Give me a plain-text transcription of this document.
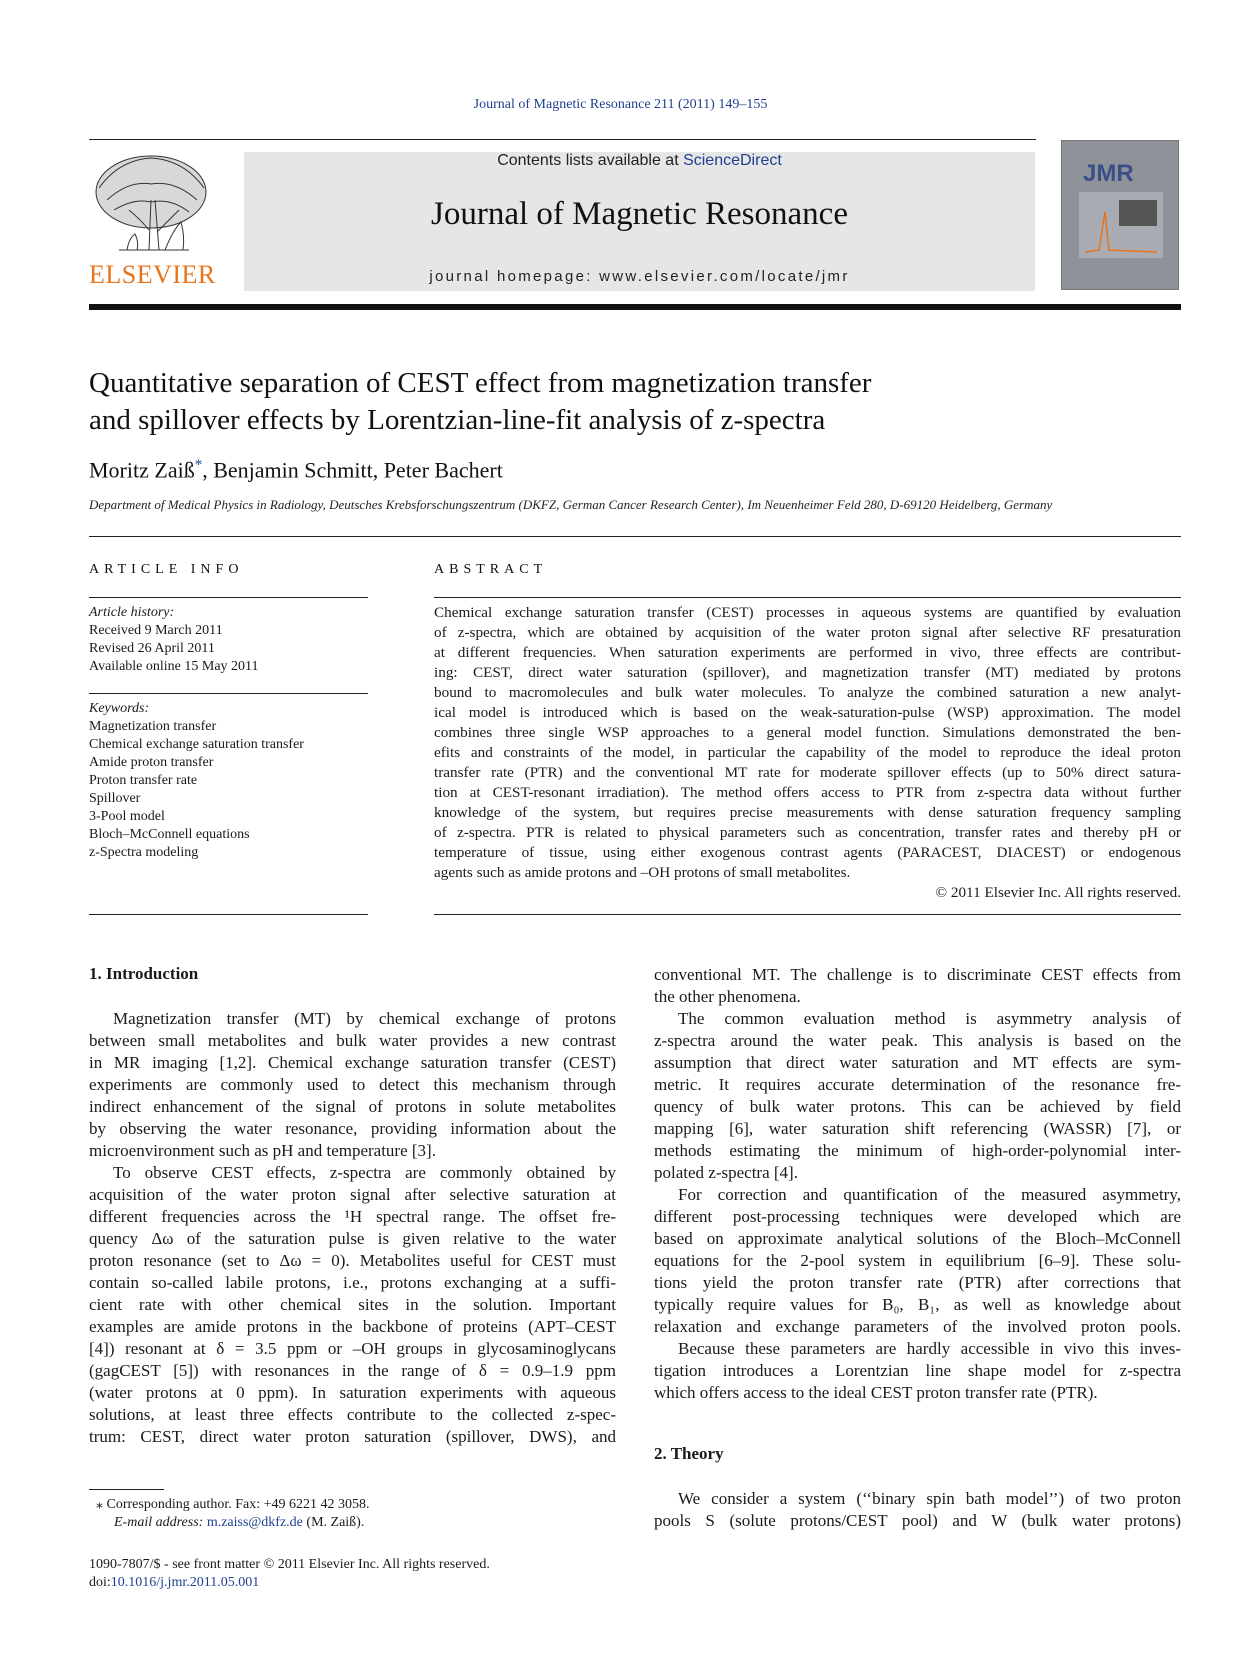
Journal of Magnetic Resonance 211 (2011) 149–155
ELSEVIER
Contents lists available at ScienceDirect
Journal of Magnetic Resonance
journal homepage: www.elsevier.com/locate/jmr
JMR
Quantitative separation of CEST effect from magnetization transfer
and spillover effects by Lorentzian-line-fit analysis of z-spectra
Moritz Zaiß*, Benjamin Schmitt, Peter Bachert
Department of Medical Physics in Radiology, Deutsches Krebsforschungszentrum (DKFZ, German Cancer Research Center), Im Neuenheimer Feld 280, D-69120 Heidelberg, Germany
ARTICLE INFO
Article history:
Received 9 March 2011
Revised 26 April 2011
Available online 15 May 2011
Keywords:
Magnetization transfer
Chemical exchange saturation transfer
Amide proton transfer
Proton transfer rate
Spillover
3-Pool model
Bloch–McConnell equations
z-Spectra modeling
ABSTRACT
Chemical exchange saturation transfer (CEST) processes in aqueous systems are quantified by evaluation
of z-spectra, which are obtained by acquisition of the water proton signal after selective RF presaturation
at different frequencies. When saturation experiments are performed in vivo, three effects are contribut-
ing: CEST, direct water saturation (spillover), and magnetization transfer (MT) mediated by protons
bound to macromolecules and bulk water molecules. To analyze the combined saturation a new analyt-
ical model is introduced which is based on the weak-saturation-pulse (WSP) approximation. The model
combines three single WSP approaches to a general model function. Simulations demonstrated the ben-
efits and constraints of the model, in particular the capability of the model to reproduce the ideal proton
transfer rate (PTR) and the conventional MT rate for moderate spillover effects (up to 50% direct satura-
tion at CEST-resonant irradiation). The method offers access to PTR from z-spectra data without further
knowledge of the system, but requires precise measurements with dense saturation frequency sampling
of z-spectra. PTR is related to physical parameters such as concentration, transfer rates and thereby pH or
temperature of tissue, using either exogenous contrast agents (PARACEST, DIACEST) or endogenous
agents such as amide protons and –OH protons of small metabolites.
© 2011 Elsevier Inc. All rights reserved.
1. Introduction
Magnetization transfer (MT) by chemical exchange of protons
between small metabolites and bulk water provides a new contrast
in MR imaging [1,2]. Chemical exchange saturation transfer (CEST)
experiments are commonly used to detect this mechanism through
indirect enhancement of the signal of protons in solute metabolites
by observing the water resonance, providing information about the
microenvironment such as pH and temperature [3].
To observe CEST effects, z-spectra are commonly obtained by
acquisition of the water proton signal after selective saturation at
different frequencies across the ¹H spectral range. The offset fre-
quency Δω of the saturation pulse is given relative to the water
proton resonance (set to Δω = 0). Metabolites useful for CEST must
contain so-called labile protons, i.e., protons exchanging at a suffi-
cient rate with other chemical sites in the solution. Important
examples are amide protons in the backbone of proteins (APT–CEST
[4]) resonant at δ = 3.5 ppm or –OH groups in glycosaminoglycans
(gagCEST [5]) with resonances in the range of δ = 0.9–1.9 ppm
(water protons at 0 ppm). In saturation experiments with aqueous
solutions, at least three effects contribute to the collected z-spec-
trum: CEST, direct water proton saturation (spillover, DWS), and
⁎ Corresponding author. Fax: +49 6221 42 3058.
E-mail address: m.zaiss@dkfz.de (M. Zaiß).
1090-7807/$ - see front matter © 2011 Elsevier Inc. All rights reserved.
doi:10.1016/j.jmr.2011.05.001
conventional MT. The challenge is to discriminate CEST effects from
the other phenomena.
The common evaluation method is asymmetry analysis of
z-spectra around the water peak. This analysis is based on the
assumption that direct water saturation and MT effects are sym-
metric. It requires accurate determination of the resonance fre-
quency of bulk water protons. This can be achieved by field
mapping [6], water saturation shift referencing (WASSR) [7], or
methods estimating the minimum of high-order-polynomial inter-
polated z-spectra [4].
For correction and quantification of the measured asymmetry,
different post-processing techniques were developed which are
based on approximate analytical solutions of the Bloch–McConnell
equations for the 2-pool system in equilibrium [6–9]. These solu-
tions yield the proton transfer rate (PTR) after corrections that
typically require values for B₀, B₁, as well as knowledge about
relaxation and exchange parameters of the involved proton pools.
Because these parameters are hardly accessible in vivo this inves-
tigation introduces a Lorentzian line shape model for z-spectra
which offers access to the ideal CEST proton transfer rate (PTR).
2. Theory
We consider a system (‘‘binary spin bath model’’) of two proton
pools S (solute protons/CEST pool) and W (bulk water protons)
